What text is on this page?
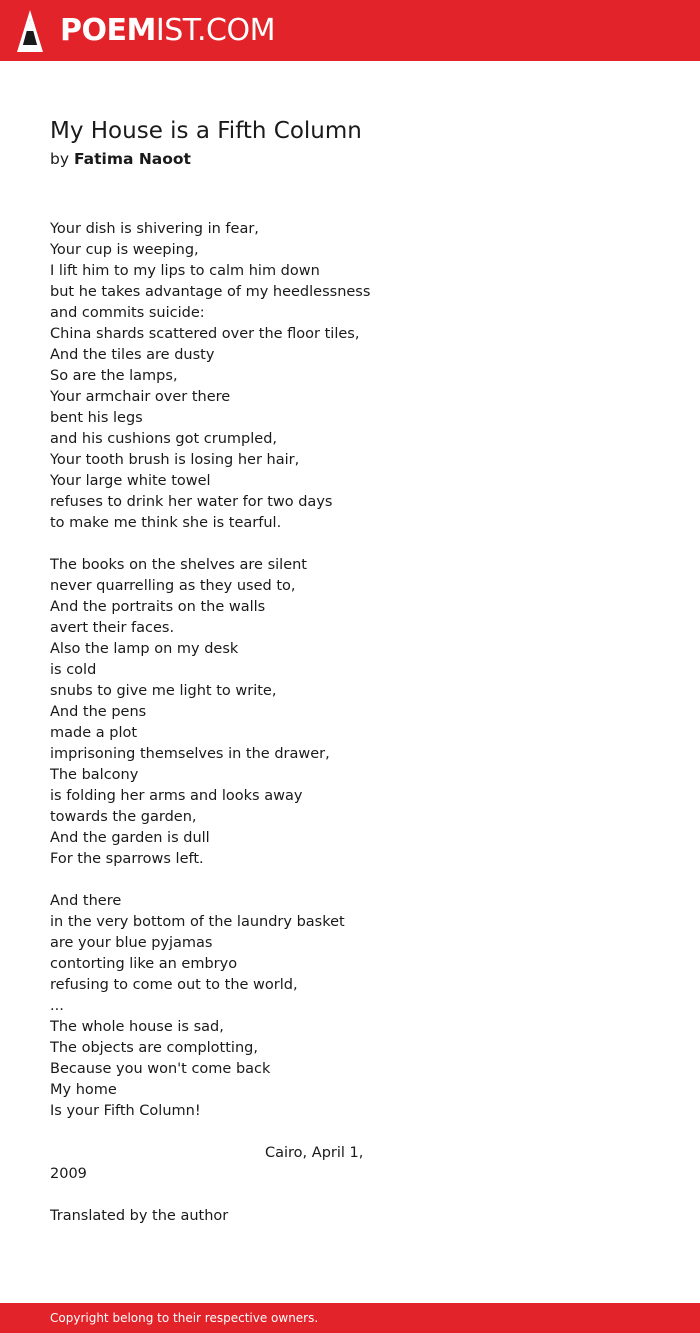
POEMIST.COM
My House is a Fifth Column
by Fatima Naoot
Your dish is shivering in fear,
Your cup is weeping,
I lift him to my lips to calm him down
but he takes advantage of my heedlessness
and commits suicide:
China shards scattered over the floor tiles,
And the tiles are dusty
So are the lamps,
Your armchair over there
bent his legs
and his cushions got crumpled,
Your tooth brush is losing her hair,
Your large white towel
refuses to drink her water for two days
to make me think she is tearful.
The books on the shelves are silent
never quarrelling as they used to,
And the portraits on the walls
avert their faces.
Also the lamp on my desk
is cold
snubs to give me light to write,
And the pens
made a plot
imprisoning themselves in the drawer,
The balcony
is folding her arms and looks away
towards the garden,
And the garden is dull
For the sparrows left.
And there
in the very bottom of the laundry basket
are your blue pyjamas
contorting like an embryo
refusing to come out to the world,
...
The whole house is sad,
The objects are complotting,
Because you won't come back
My home
Is your Fifth Column!
Cairo, April 1,
2009
Translated by the author
Copyright belong to their respective owners.
